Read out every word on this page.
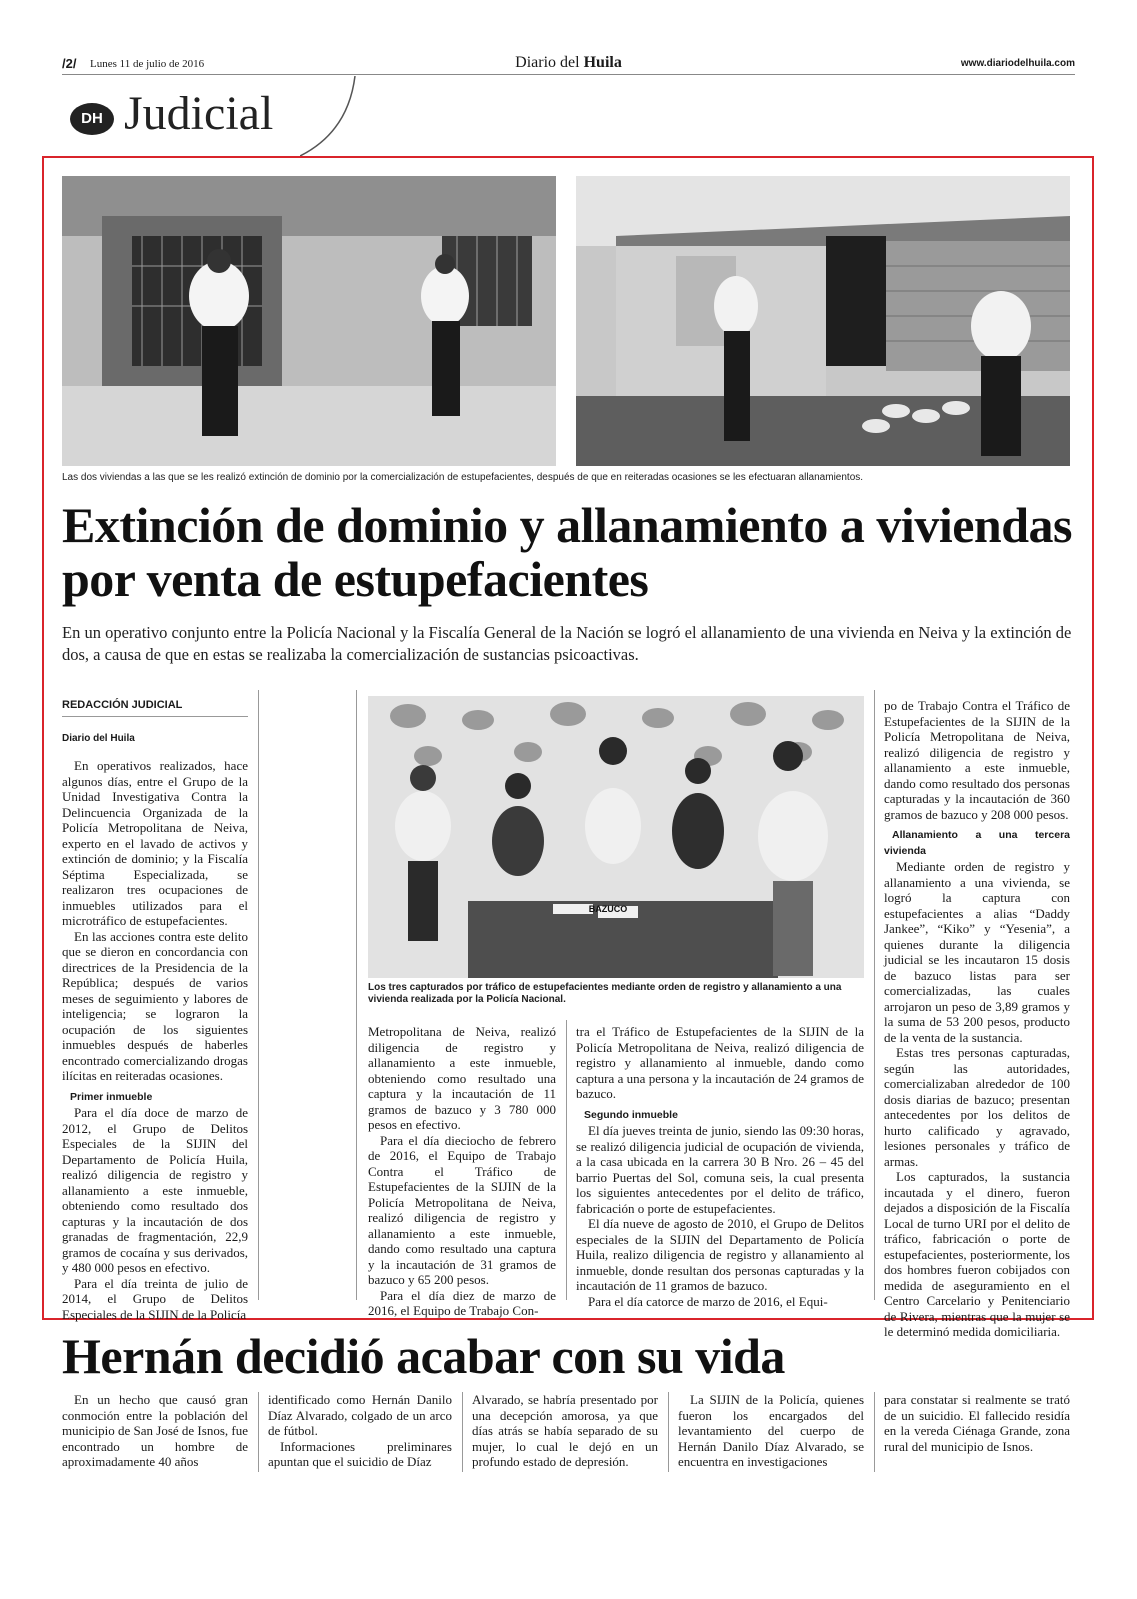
/2/ Lunes 11 de julio de 2016	Diario del Huila	www.diariodelhuila.com
DH Judicial
Las dos viviendas a las que se les realizó extinción de dominio por la comercialización de estupefacientes, después de que en reiteradas ocasiones se les efectuaran allanamientos.
Extinción de dominio y allanamiento a viviendas por venta de estupefacientes
En un operativo conjunto entre la Policía Nacional y la Fiscalía General de la Nación se logró el allanamiento de una vivienda en Neiva y la extinción de dos, a causa de que en estas se realizaba la comercialización de sustancias psicoactivas.
REDACCIÓN JUDICIAL
Diario del Huila

En operativos realizados, hace algunos días, entre el Grupo de la Unidad Investigativa Contra la Delincuencia Organizada de la Policía Metropolitana de Neiva, experto en el lavado de activos y extinción de dominio; y la Fiscalía Séptima Especializada, se realizaron tres ocupaciones de inmuebles utilizados para el microtráfico de estupefacientes.

En las acciones contra este delito que se dieron en concordancia con directrices de la Presidencia de la República; después de varios meses de seguimiento y labores de inteligencia; se lograron la ocupación de los siguientes inmuebles después de haberles encontrado comercializando drogas ilícitas en reiteradas ocasiones.

Primer inmueble

Para el día doce de marzo de 2012, el Grupo de Delitos Especiales de la SIJIN del Departamento de Policía Huila, realizó diligencia de registro y allanamiento a este inmueble, obteniendo como resultado dos capturas y la incautación de dos granadas de fragmentación, 22,9 gramos de cocaína y sus derivados, y 480 000 pesos en efectivo.

Para el día treinta de julio de 2014, el Grupo de Delitos Especiales de la SIJIN de la Policía

BAZUCO
Los tres capturados por tráfico de estupefacientes mediante orden de registro y allanamiento a una vivienda realizada por la Policía Nacional.

Metropolitana de Neiva, realizó diligencia de registro y allanamiento a este inmueble, obteniendo como resultado una captura y la incautación de 11 gramos de bazuco y 3 780 000 pesos en efectivo.

Para el día dieciocho de febrero de 2016, el Equipo de Trabajo Contra el Tráfico de Estupefacientes de la SIJIN de la Policía Metropolitana de Neiva, realizó diligencia de registro y allanamiento a este inmueble, dando como resultado una captura y la incautación de 31 gramos de bazuco y 65 200 pesos.

Para el día diez de marzo de 2016, el Equipo de Trabajo Con-

tra el Tráfico de Estupefacientes de la SIJIN de la Policía Metropolitana de Neiva, realizó diligencia de registro y allanamiento al inmueble, dando como captura a una persona y la incautación de 24 gramos de bazuco.

Segundo inmueble

El día jueves treinta de junio, siendo las 09:30 horas, se realizó diligencia judicial de ocupación de vivienda, a la casa ubicada en la carrera 30 B Nro. 26 – 45 del barrio Puertas del Sol, comuna seis, la cual presenta los siguientes antecedentes por el delito de tráfico, fabricación o porte de estupefacientes.

El día nueve de agosto de 2010, el Grupo de Delitos especiales de la SIJIN del Departamento de Policía Huila, realizo diligencia de registro y allanamiento al inmueble, donde resultan dos personas capturadas y la incautación de 11 gramos de bazuco.

Para el día catorce de marzo de 2016, el Equi-

po de Trabajo Contra el Tráfico de Estupefacientes de la SIJIN de la Policía Metropolitana de Neiva, realizó diligencia de registro y allanamiento a este inmueble, dando como resultado dos personas capturadas y la incautación de 360 gramos de bazuco y 208 000 pesos.

Allanamiento a una tercera vivienda

Mediante orden de registro y allanamiento a una vivienda, se logró la captura con estupefacientes a alias “Daddy Jankee”, “Kiko” y “Yesenia”, a quienes durante la diligencia judicial se les incautaron 15 dosis de bazuco listas para ser comercializadas, las cuales arrojaron un peso de 3,89 gramos y la suma de 53 200 pesos, producto de la venta de la sustancia.

Estas tres personas capturadas, según las autoridades, comercializaban alrededor de 100 dosis diarias de bazuco; presentan antecedentes por los delitos de hurto calificado y agravado, lesiones personales y tráfico de armas.

Los capturados, la sustancia incautada y el dinero, fueron dejados a disposición de la Fiscalía Local de turno URI por el delito de tráfico, fabricación o porte de estupefacientes, posteriormente, los dos hombres fueron cobijados con medida de aseguramiento en el Centro Carcelario y Penitenciario de Rivera, mientras que la mujer se le determinó medida domiciliaria.

Hernán decidió acabar con su vida

En un hecho que causó gran conmoción entre la población del municipio de San José de Isnos, fue encontrado un hombre de aproximadamente 40 años

identificado como Hernán Danilo Díaz Alvarado, colgado de un arco de fútbol.

Informaciones preliminares apuntan que el suicidio de Díaz

Alvarado, se habría presentado por una decepción amorosa, ya que días atrás se había separado de su mujer, lo cual le dejó en un profundo estado de depresión.

La SIJIN de la Policía, quienes fueron los encargados del levantamiento del cuerpo de Hernán Danilo Díaz Alvarado, se encuentra en investigaciones

para constatar si realmente se trató de un suicidio. El fallecido residía en la vereda Ciénaga Grande, zona rural del municipio de Isnos.
